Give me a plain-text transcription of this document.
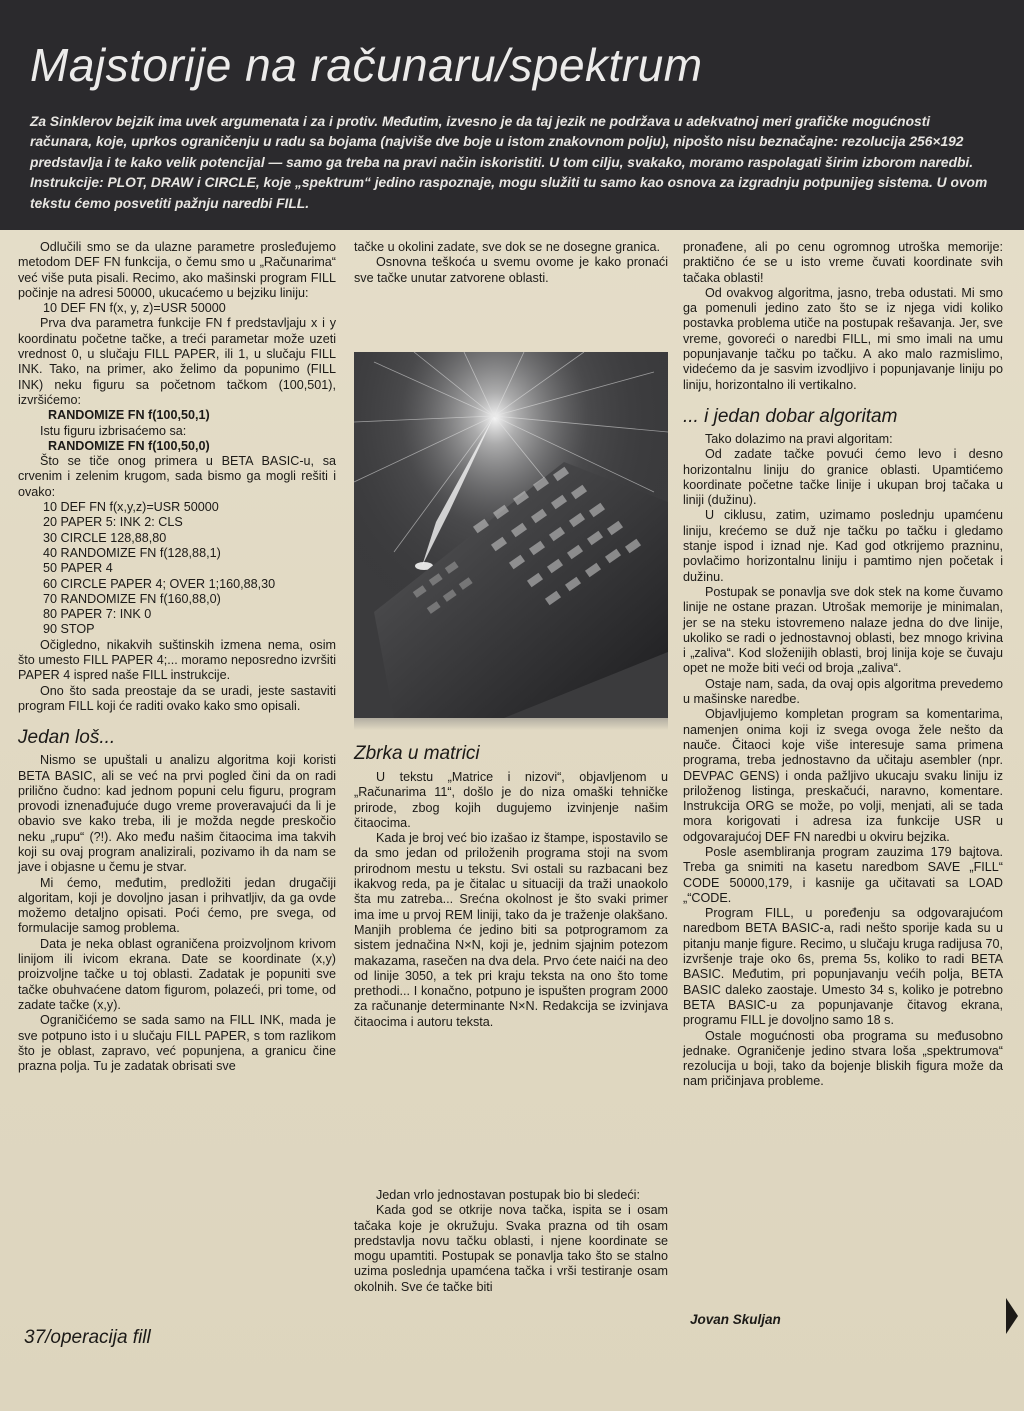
Majstorije na računaru/spektrum

Za Sinklerov bejzik ima uvek argumenata i za i protiv. Međutim, izvesno je da taj jezik ne podržava u adekvatnoj meri grafičke mogućnosti računara, koje, uprkos ograničenju u radu sa bojama (najviše dve boje u istom znakovnom polju), nipošto nisu beznačajne: rezolucija 256×192 predstavlja i te kako velik potencijal — samo ga treba na pravi način iskoristiti. U tom cilju, svakako, moramo raspolagati širim izborom naredbi. Instrukcije: PLOT, DRAW i CIRCLE, koje „spektrum“ jedino raspoznaje, mogu služiti tu samo kao osnova za izgradnju potpunijeg sistema. U ovom tekstu ćemo posvetiti pažnju naredbi FILL.

Odlučili smo se da ulazne parametre prosleđujemo metodom DEF FN funkcija, o čemu smo u „Računarima“ već više puta pisali. Recimo, ako mašinski program FILL počinje na adresi 50000, ukucaćemo u bejziku liniju:

10 DEF FN f(x, y, z)=USR 50000

Prva dva parametra funkcije FN f predstavljaju x i y koordinatu početne tačke, a treći parametar može uzeti vrednost 0, u slučaju FILL PAPER, ili 1, u slučaju FILL INK. Tako, na primer, ako želimo da popunimo (FILL INK) neku figuru sa početnom tačkom (100,501), izvršićemo:

RANDOMIZE FN f(100,50,1)

Istu figuru izbrisaćemo sa:

RANDOMIZE FN f(100,50,0)

Što se tiče onog primera u BETA BASIC-u, sa crvenim i zelenim krugom, sada bismo ga mogli rešiti i ovako:

10 DEF FN f(x,y,z)=USR 50000

20 PAPER 5: INK 2: CLS

30 CIRCLE 128,88,80

40 RANDOMIZE FN f(128,88,1)

50 PAPER 4

60 CIRCLE PAPER 4; OVER 1;160,88,30

70 RANDOMIZE FN f(160,88,0)

80 PAPER 7: INK 0

90 STOP

Očigledno, nikakvih suštinskih izmena nema, osim što umesto FILL PAPER 4;... moramo neposredno izvršiti PAPER 4 ispred naše FILL instrukcije.

Ono što sada preostaje da se uradi, jeste sastaviti program FILL koji će raditi ovako kako smo opisali.

Jedan loš...

Nismo se upuštali u analizu algoritma koji koristi BETA BASIC, ali se već na prvi pogled čini da on radi prilično čudno: kad jednom popuni celu figuru, program provodi iznenađujuće dugo vreme proveravajući da li je obavio sve kako treba, ili je možda negde preskočio neku „rupu“ (?!). Ako među našim čitaocima ima takvih koji su ovaj program analizirali, pozivamo ih da nam se jave i objasne u čemu je stvar.

Mi ćemo, međutim, predložiti jedan drugačiji algoritam, koji je dovoljno jasan i prihvatljiv, da ga ovde možemo detaljno opisati. Poći ćemo, pre svega, od formulacije samog problema.

Data je neka oblast ograničena proizvoljnom krivom linijom ili ivicom ekrana. Date se koordinate (x,y) proizvoljne tačke u toj oblasti. Zadatak je popuniti sve tačke obuhvaćene datom figurom, polazeći, pri tome, od zadate tačke (x,y).

Ograničićemo se sada samo na FILL INK, mada je sve potpuno isto i u slučaju FILL PAPER, s tom razlikom što je oblast, zapravo, već popunjena, a granicu čine prazna polja. Tu je zadatak obrisati sve

tačke u okolini zadate, sve dok se ne dosegne granica.

Osnovna teškoća u svemu ovome je kako pronaći sve tačke unutar zatvorene oblasti.

Zbrka u matrici

U tekstu „Matrice i nizovi“, objavljenom u „Računarima 11“, došlo je do niza omaški tehničke prirode, zbog kojih dugujemo izvinjenje našim čitaocima.

Kada je broj već bio izašao iz štampe, ispostavilo se da smo jedan od priloženih programa stoji na svom prirodnom mestu u tekstu. Svi ostali su razbacani bez ikakvog reda, pa je čitalac u situaciji da traži unaokolo šta mu zatreba... Srećna okolnost je što svaki primer ima ime u prvoj REM liniji, tako da je traženje olakšano. Manjih problema će jedino biti sa potprogramom za sistem jednačina N×N, koji je, jednim sjajnim potezom makazama, rasečen na dva dela. Prvo ćete naići na deo od linije 3050, a tek pri kraju teksta na ono što tome prethodi... I konačno, potpuno je ispušten program 2000 za računanje determinante N×N. Redakcija se izvinjava čitaocima i autoru teksta.

Jedan vrlo jednostavan postupak bio bi sledeći:

Kada god se otkrije nova tačka, ispita se i osam tačaka koje je okružuju. Svaka prazna od tih osam predstavlja novu tačku oblasti, i njene koordinate se mogu upamtiti. Postupak se ponavlja tako što se stalno uzima poslednja upamćena tačka i vrši testiranje osam okolnih. Sve će tačke biti

pronađene, ali po cenu ogromnog utroška memorije: praktično će se u isto vreme čuvati koordinate svih tačaka oblasti!

Od ovakvog algoritma, jasno, treba odustati. Mi smo ga pomenuli jedino zato što se iz njega vidi koliko postavka problema utiče na postupak rešavanja. Jer, sve vreme, govoreći o naredbi FILL, mi smo imali na umu popunjavanje tačku po tačku. A ako malo razmislimo, videćemo da je sasvim izvodljivo i popunjavanje liniju po liniju, horizontalno ili vertikalno.

... i jedan dobar algoritam

Tako dolazimo na pravi algoritam:

Od zadate tačke povući ćemo levo i desno horizontalnu liniju do granice oblasti. Upamtićemo koordinate početne tačke linije i ukupan broj tačaka u liniji (dužinu).

U ciklusu, zatim, uzimamo poslednju upamćenu liniju, krećemo se duž nje tačku po tačku i gledamo stanje ispod i iznad nje. Kad god otkrijemo prazninu, povlačimo horizontalnu liniju i pamtimo njen početak i dužinu.

Postupak se ponavlja sve dok stek na kome čuvamo linije ne ostane prazan. Utrošak memorije je minimalan, jer se na steku istovremeno nalaze jedna do dve linije, ukoliko se radi o jednostavnoj oblasti, bez mnogo krivina i „zaliva“. Kod složenijih oblasti, broj linija koje se čuvaju opet ne može biti veći od broja „zaliva“.

Ostaje nam, sada, da ovaj opis algoritma prevedemo u mašinske naredbe.

Objavljujemo kompletan program sa komentarima, namenjen onima koji iz svega ovoga žele nešto da nauče. Čitaoci koje više interesuje sama primena programa, treba jednostavno da učitaju asembler (npr. DEVPAC GENS) i onda pažljivo ukucaju svaku liniju iz priloženog listinga, preskačući, naravno, komentare. Instrukcija ORG se može, po volji, menjati, ali se tada mora korigovati i adresa iza funkcije USR u odgovarajućoj DEF FN naredbi u okviru bejzika.

Posle asembliranja program zauzima 179 bajtova. Treba ga snimiti na kasetu naredbom SAVE „FILL“ CODE 50000,179, i kasnije ga učitavati sa LOAD „“CODE.

Program FILL, u poređenju sa odgovarajućom naredbom BETA BASIC-a, radi nešto sporije kada su u pitanju manje figure. Recimo, u slučaju kruga radijusa 70, izvršenje traje oko 6s, prema 5s, koliko to radi BETA BASIC. Međutim, pri popunjavanju većih polja, BETA BASIC daleko zaostaje. Umesto 34 s, koliko je potrebno BETA BASIC-u za popunjavanje čitavog ekrana, programu FILL je dovoljno samo 18 s.

Ostale mogućnosti oba programa su međusobno jednake. Ograničenje jedino stvara loša „spektrumova“ rezolucija u boji, tako da bojenje bliskih figura može da nam pričinjava probleme.

37/operacija fill
Jovan Skuljan
